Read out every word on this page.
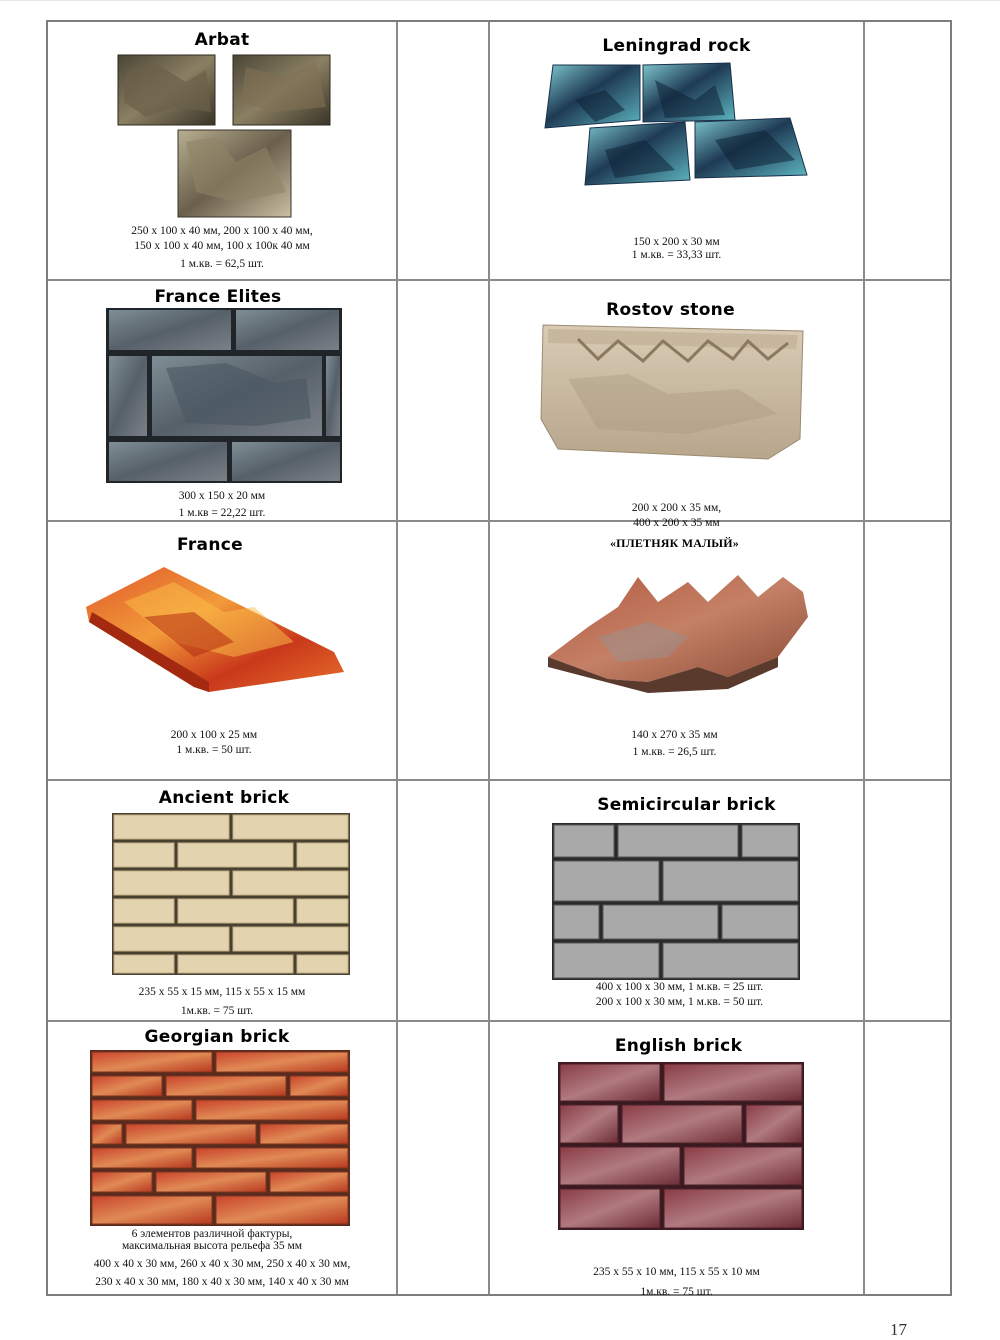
Arbat
250 x 100 x 40 мм, 200 x 100 x 40 мм,
150 x 100 x 40 мм, 100 x 100к 40 мм
1 м.кв. = 62,5 шт.
Leningrad rock
150 x 200 x 30 мм
1 м.кв. = 33,33 шт.
France Elites
300 x 150 x 20 мм
1 м.кв = 22,22 шт.
Rostov stone
200 x 200 x 35 мм,
400 x 200 x 35 мм
France
200 x 100 x 25 мм
1 м.кв. = 50 шт.
«ПЛЕТНЯК МАЛЫЙ»
140 x 270 x 35 мм
1 м.кв. = 26,5 шт.
Ancient brick
235 x 55 x 15 мм, 115 x 55 x 15 мм
1м.кв. = 75 шт.
Semicircular brick
400 x 100 x 30 мм, 1 м.кв. = 25 шт.
200 x 100 x 30 мм, 1 м.кв. = 50 шт.
Georgian brick
6 элементов различной фактуры,
максимальная высота рельефа 35 мм
400 x 40 x 30 мм, 260 x 40 x 30 мм, 250 x 40 x 30 мм,
230 x 40 x 30 мм, 180 x 40 x 30 мм, 140 x 40 x 30 мм
English brick
235 x 55 x 10 мм, 115 x 55 x 10 мм
1м.кв. = 75 шт.
17
